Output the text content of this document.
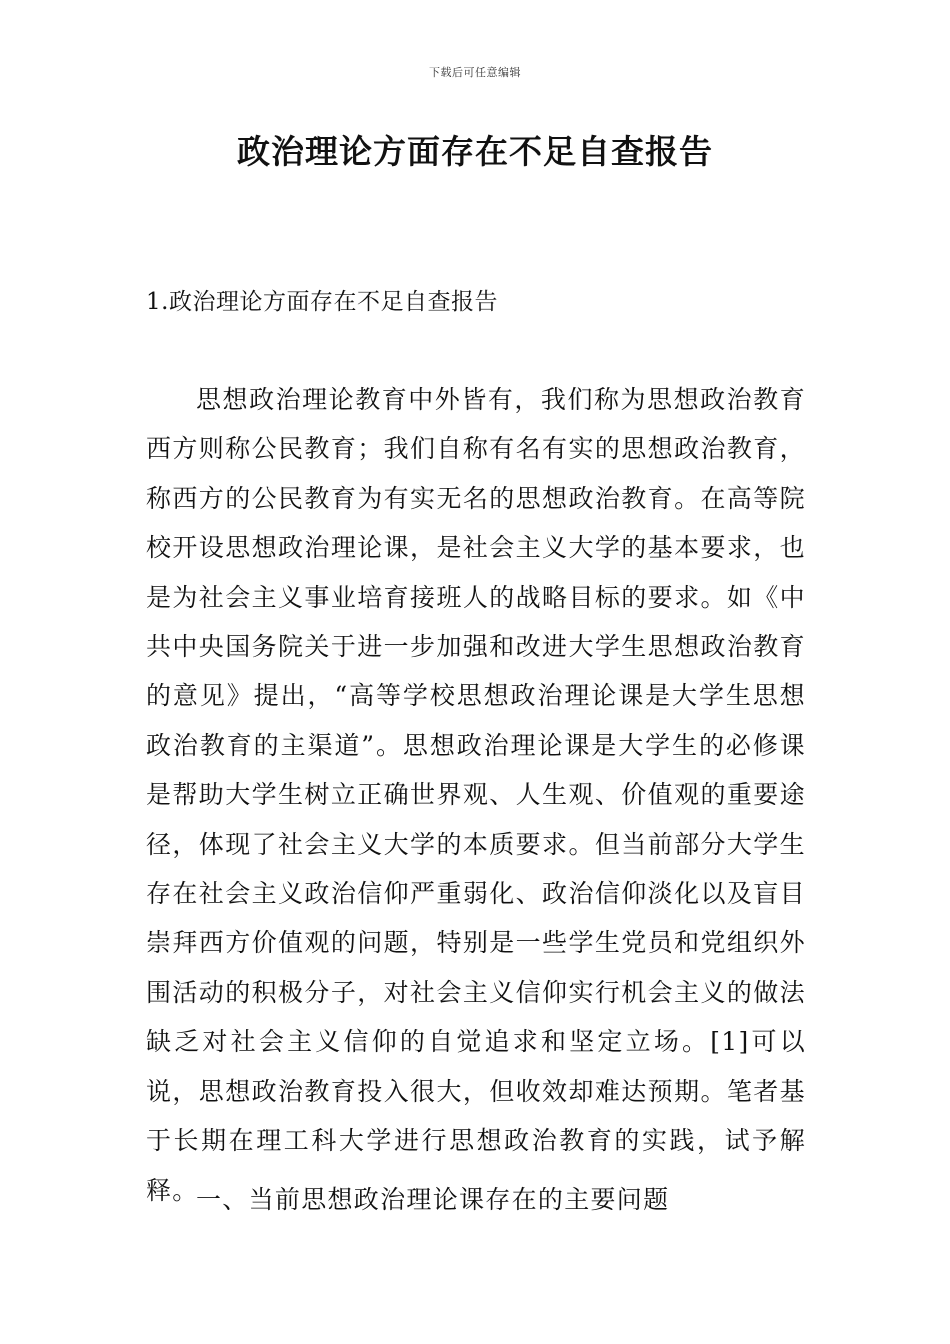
下载后可任意编辑
政治理论方面存在不足自查报告
1.政治理论方面存在不足自查报告

思想政治理论教育中外皆有，我们称为思想政治教育西方则称公民教育；我们自称有名有实的思想政治教育，称西方的公民教育为有实无名的思想政治教育。在高等院校开设思想政治理论课，是社会主义大学的基本要求，也是为社会主义事业培育接班人的战略目标的要求。如《中共中央国务院关于进一步加强和改进大学生思想政治教育的意见》提出，“高等学校思想政治理论课是大学生思想政治教育的主渠道”。思想政治理论课是大学生的必修课是帮助大学生树立正确世界观、人生观、价值观的重要途径，体现了社会主义大学的本质要求。但当前部分大学生存在社会主义政治信仰严重弱化、政治信仰淡化以及盲目崇拜西方价值观的问题，特别是一些学生党员和党组织外围活动的积极分子，对社会主义信仰实行机会主义的做法缺乏对社会主义信仰的自觉追求和坚定立场。[1]可以说，思想政治教育投入很大，但收效却难达预期。笔者基于长期在理工科大学进行思想政治教育的实践，试予解释。

一、当前思想政治理论课存在的主要问题
